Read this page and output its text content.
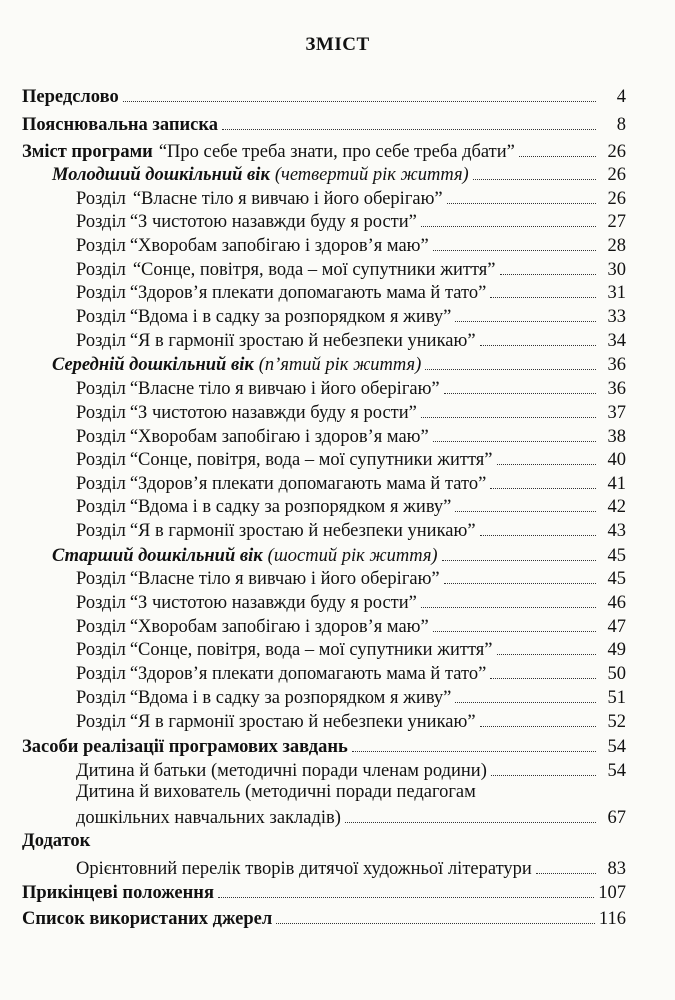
ЗМІСТ
Передслово	4
Пояснювальна записка	8
Зміст програми “Про себе треба знати, про себе треба дбати”	26
Молодший дошкільний вік (четвертий рік життя)	26
Розділ “Власне тіло я вивчаю і його оберігаю”	26
Розділ “З чистотою назавжди буду я рости”	27
Розділ “Хворобам запобігаю і здоров’я маю”	28
Розділ “Сонце, повітря, вода – мої супутники життя”	30
Розділ “Здоров’я плекати допомагають мама й тато”	31
Розділ “Вдома і в садку за розпорядком я живу”	33
Розділ “Я в гармонії зростаю й небезпеки уникаю”	34
Середній дошкільний вік (п’ятий рік життя)	36
Розділ “Власне тіло я вивчаю і його оберігаю”	36
Розділ “З чистотою назавжди буду я рости”	37
Розділ “Хворобам запобігаю і здоров’я маю”	38
Розділ “Сонце, повітря, вода – мої супутники життя”	40
Розділ “Здоров’я плекати допомагають мама й тато”	41
Розділ “Вдома і в садку за розпорядком я живу”	42
Розділ “Я в гармонії зростаю й небезпеки уникаю”	43
Старший дошкільний вік (шостий рік життя)	45
Розділ “Власне тіло я вивчаю і його оберігаю”	45
Розділ “З чистотою назавжди буду я рости”	46
Розділ “Хворобам запобігаю і здоров’я маю”	47
Розділ “Сонце, повітря, вода – мої супутники життя”	49
Розділ “Здоров’я плекати допомагають мама й тато”	50
Розділ “Вдома і в садку за розпорядком я живу”	51
Розділ “Я в гармонії зростаю й небезпеки уникаю”	52
Засоби реалізації програмових завдань	54
Дитина й батьки (методичні поради членам родини)	54
Дитина й вихователь (методичні поради педагогам
дошкільних навчальних закладів)	67
Додаток
Орієнтовний перелік творів дитячої художньої літератури	83
Прикінцеві положення	107
Список використаних джерел	116
